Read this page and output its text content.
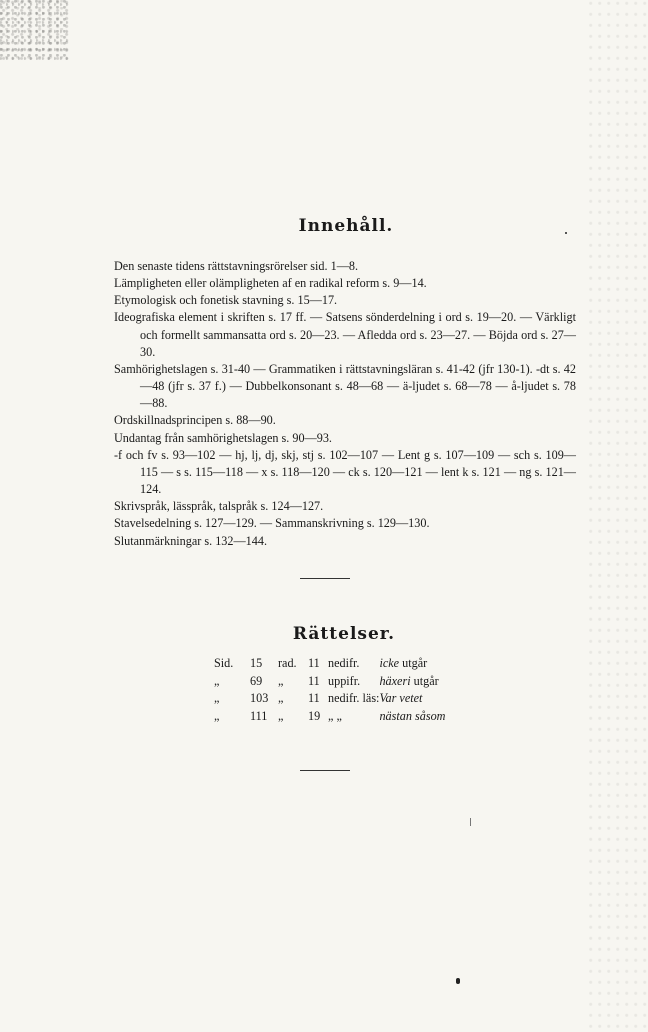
Innehåll.

Den senaste tidens rättstavningsrörelser sid. 1—8.

Lämpligheten eller olämpligheten af en radikal reform s. 9—14.

Etymologisk och fonetisk stavning s. 15—17.

Ideografiska element i skriften s. 17 ff. — Satsens sönderdelning i ord s. 19—20. — Värkligt och formellt sammansatta ord s. 20—23. — Afledda ord s. 23—27. — Böjda ord s. 27—30.

Samhörighetslagen s. 31-40 — Grammatiken i rättstavningsläran s. 41-42 (jfr 130-1). -dt s. 42—48 (jfr s. 37 f.) — Dubbelkonsonant s. 48—68 — ä-ljudet s. 68—78 — å-ljudet s. 78—88.

Ordskillnadsprincipen s. 88—90.

Undantag från samhörighetslagen s. 90—93.

-f och fv s. 93—102 — hj, lj, dj, skj, stj s. 102—107 — Lent g s. 107—109 — sch s. 109—115 — s s. 115—118 — x s. 118—120 — ck s. 120—121 — lent k s. 121 — ng s. 121—124.

Skrivspråk, lässpråk, talspråk s. 124—127.

Stavelsedelning s. 127—129. — Sammanskrivning s. 129—130.

Slutanmärkningar s. 132—144.

Rättelser.
Sid.	15	rad.	11	nedifr.	icke utgår
„	69	„	11	uppifr.	häxeri utgår
„	103	„	11	nedifr. läs:	Var vetet
„	111	„	19	„ „	nästan såsom
